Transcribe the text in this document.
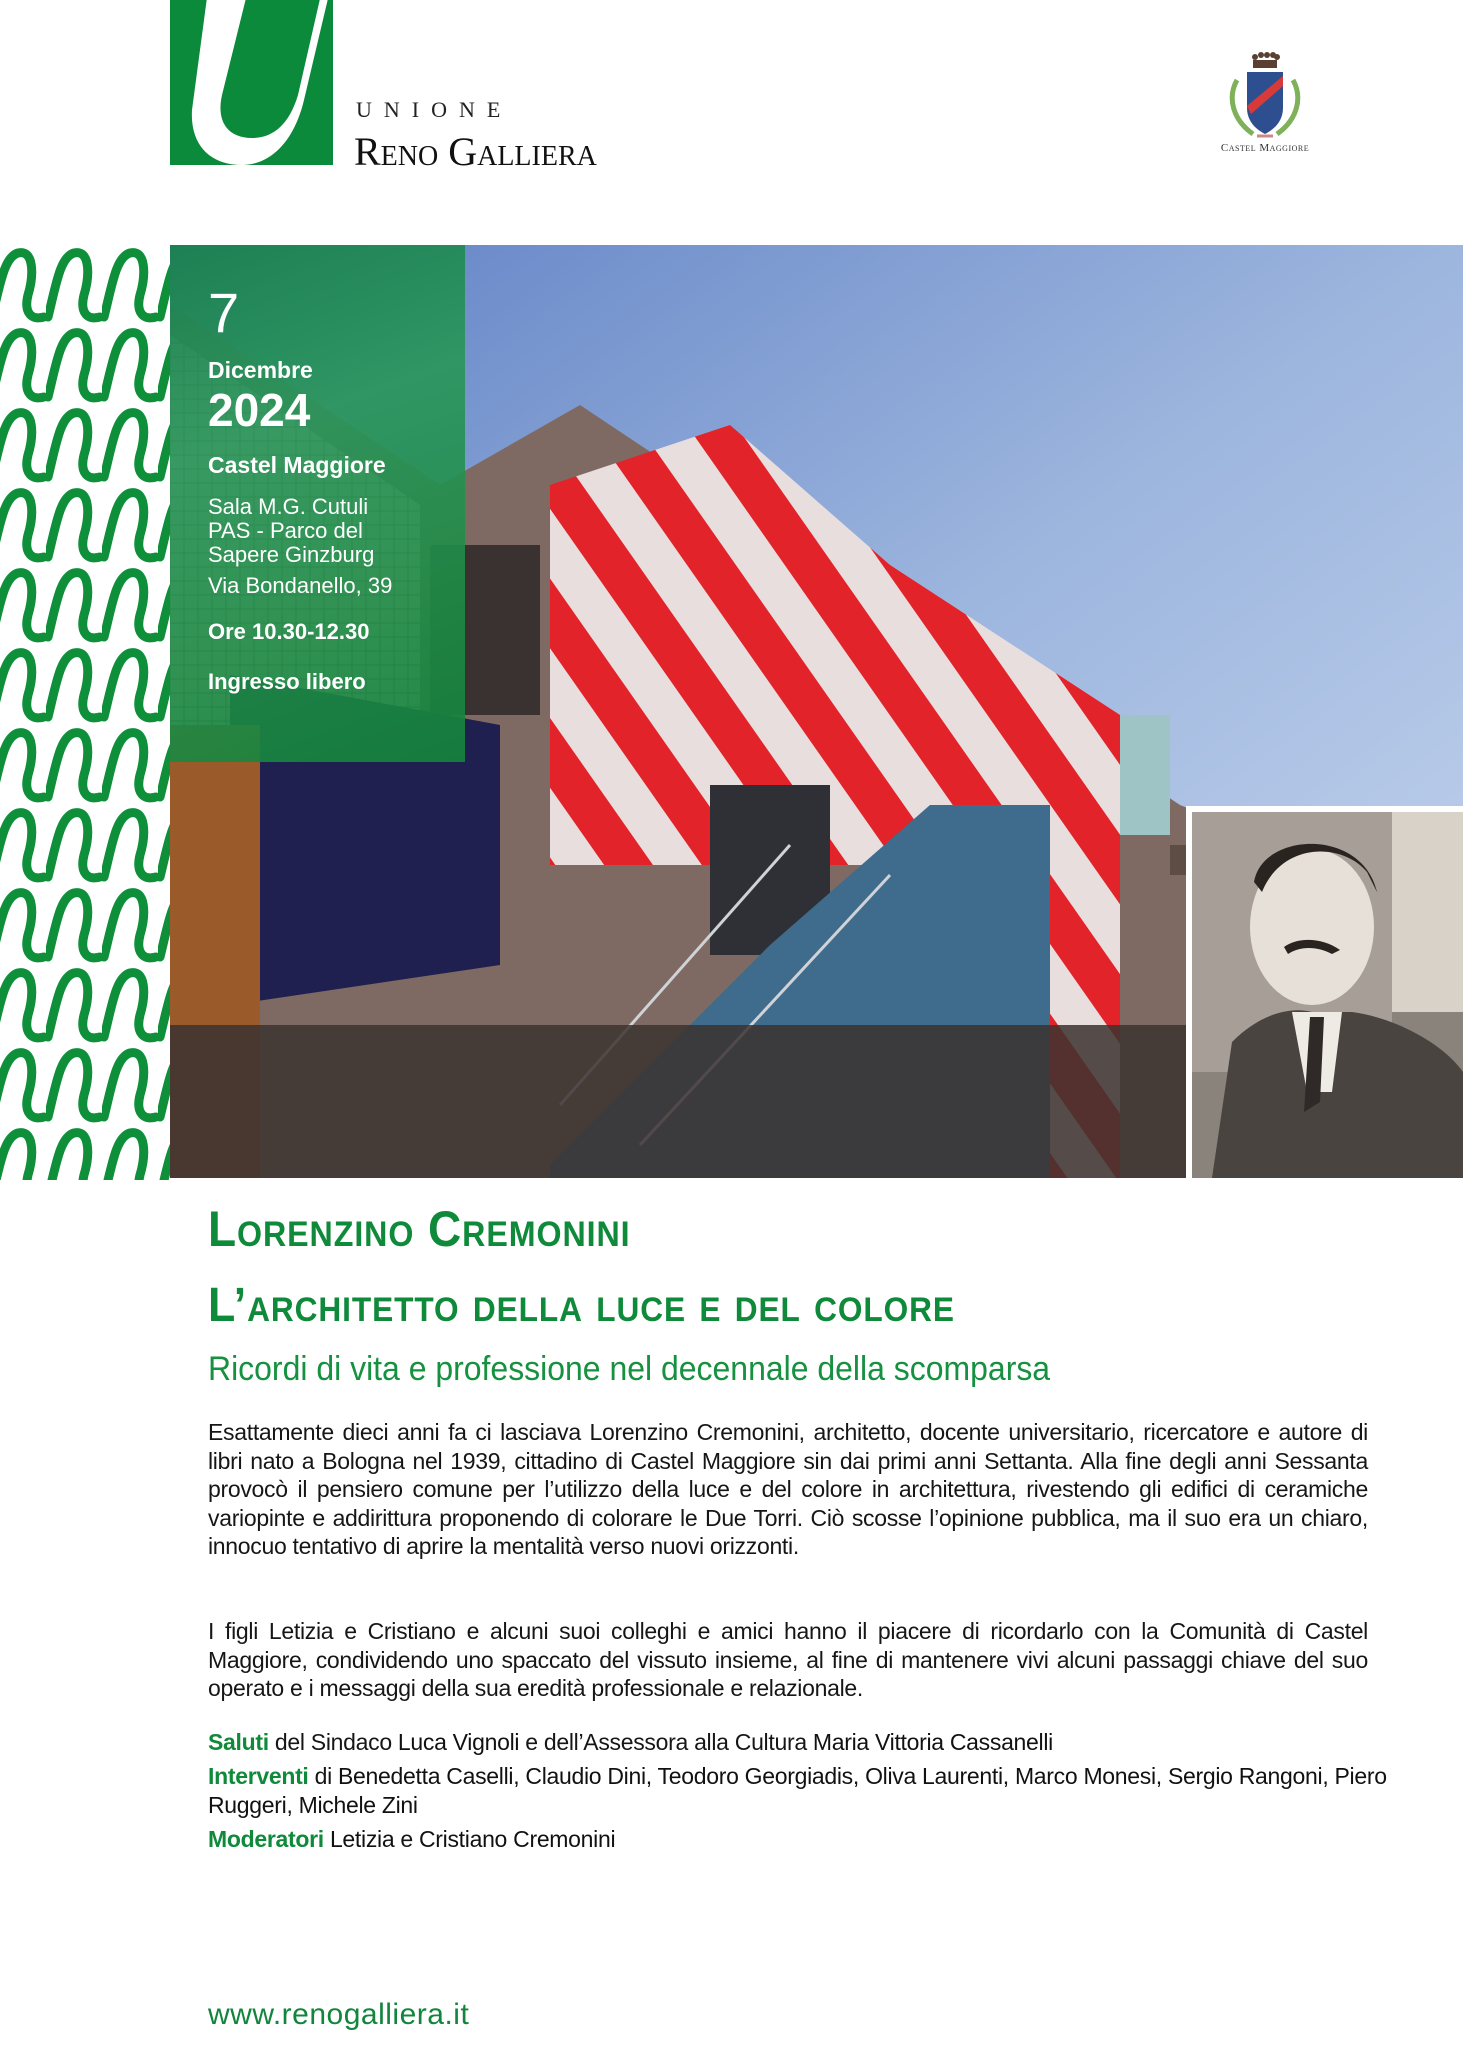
UNIONE
Reno Galliera	Castel Maggiore
7
Dicembre
2024
Castel Maggiore
Sala M.G. Cutuli
PAS - Parco del
Sapere Ginzburg
Via Bondanello, 39
Ore 10.30-12.30
Ingresso libero
Lorenzino Cremonini
L’architetto della luce e del colore
Ricordi di vita e professione nel decennale della scomparsa
Esattamente dieci anni fa ci lasciava Lorenzino Cremonini, architetto, docente universitario, ricercatore e autore di libri nato a Bologna nel 1939, cittadino di Castel Maggiore sin dai primi anni Settanta. Alla fine degli anni Sessanta provocò il pensiero comune per l’utilizzo della luce e del colore in architettura, rivestendo gli edifici di ceramiche variopinte e addirittura proponendo di colorare le Due Torri. Ciò scosse l’opinione pubblica, ma il suo era un chiaro, innocuo tentativo di aprire la mentalità verso nuovi orizzonti.
I figli Letizia e Cristiano e alcuni suoi colleghi e amici hanno il piacere di ricordarlo con la Comunità di Castel Maggiore, condividendo uno spaccato del vissuto insieme, al fine di mantenere vivi alcuni passaggi chiave del suo operato e i messaggi della sua eredità professionale e relazionale.
Saluti del Sindaco Luca Vignoli e dell’Assessora alla Cultura Maria Vittoria Cassanelli
Interventi di Benedetta Caselli, Claudio Dini, Teodoro Georgiadis, Oliva Laurenti, Marco Monesi, Sergio Rangoni, Piero Ruggeri, Michele Zini
Moderatori Letizia e Cristiano Cremonini
www.renogalliera.it
